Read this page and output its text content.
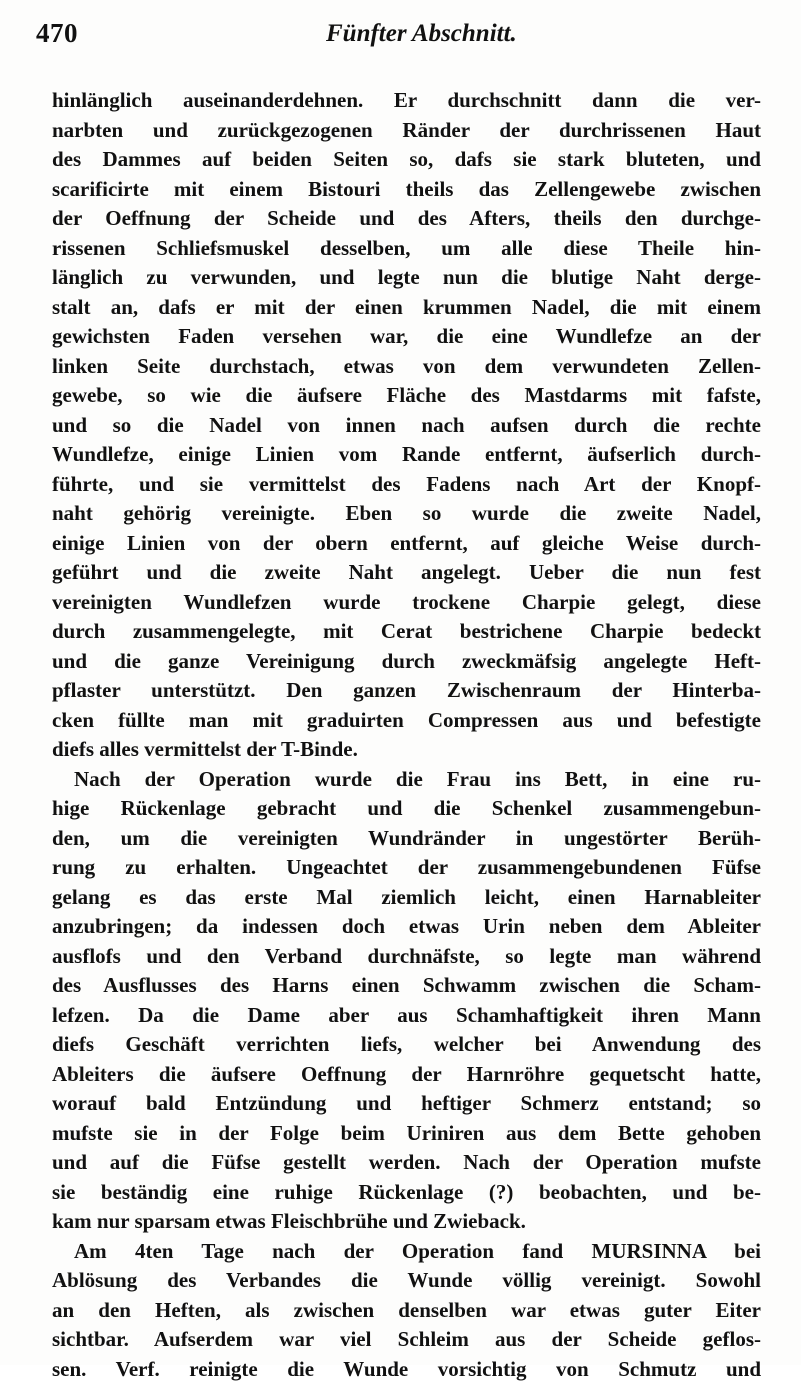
470	Fünfter Abschnitt.
hinlänglich auseinanderdehnen. Er durchschnitt dann die ver-
narbten und zurückgezogenen Ränder der durchrissenen Haut
des Dammes auf beiden Seiten so, dafs sie stark bluteten, und
scarificirte mit einem Bistouri theils das Zellengewebe zwischen
der Oeffnung der Scheide und des Afters, theils den durchge-
rissenen Schliefsmuskel desselben, um alle diese Theile hin-
länglich zu verwunden, und legte nun die blutige Naht derge-
stalt an, dafs er mit der einen krummen Nadel, die mit einem
gewichsten Faden versehen war, die eine Wundlefze an der
linken Seite durchstach, etwas von dem verwundeten Zellen-
gewebe, so wie die äufsere Fläche des Mastdarms mit fafste,
und so die Nadel von innen nach aufsen durch die rechte
Wundlefze, einige Linien vom Rande entfernt, äufserlich durch-
führte, und sie vermittelst des Fadens nach Art der Knopf-
naht gehörig vereinigte. Eben so wurde die zweite Nadel,
einige Linien von der obern entfernt, auf gleiche Weise durch-
geführt und die zweite Naht angelegt. Ueber die nun fest
vereinigten Wundlefzen wurde trockene Charpie gelegt, diese
durch zusammengelegte, mit Cerat bestrichene Charpie bedeckt
und die ganze Vereinigung durch zweckmäfsig angelegte Heft-
pflaster unterstützt. Den ganzen Zwischenraum der Hinterba-
cken füllte man mit graduirten Compressen aus und befestigte
diefs alles vermittelst der T-Binde.
Nach der Operation wurde die Frau ins Bett, in eine ru-
hige Rückenlage gebracht und die Schenkel zusammengebun-
den, um die vereinigten Wundränder in ungestörter Berüh-
rung zu erhalten. Ungeachtet der zusammengebundenen Füfse
gelang es das erste Mal ziemlich leicht, einen Harnableiter
anzubringen; da indessen doch etwas Urin neben dem Ableiter
ausflofs und den Verband durchnäfste, so legte man während
des Ausflusses des Harns einen Schwamm zwischen die Scham-
lefzen. Da die Dame aber aus Schamhaftigkeit ihren Mann
diefs Geschäft verrichten liefs, welcher bei Anwendung des
Ableiters die äufsere Oeffnung der Harnröhre gequetscht hatte,
worauf bald Entzündung und heftiger Schmerz entstand; so
mufste sie in der Folge beim Uriniren aus dem Bette gehoben
und auf die Füfse gestellt werden. Nach der Operation mufste
sie beständig eine ruhige Rückenlage (?) beobachten, und be-
kam nur sparsam etwas Fleischbrühe und Zwieback.
Am 4ten Tage nach der Operation fand MURSINNA bei
Ablösung des Verbandes die Wunde völlig vereinigt. Sowohl
an den Heften, als zwischen denselben war etwas guter Eiter
sichtbar. Aufserdem war viel Schleim aus der Scheide geflos-
sen. Verf. reinigte die Wunde vorsichtig von Schmutz und
